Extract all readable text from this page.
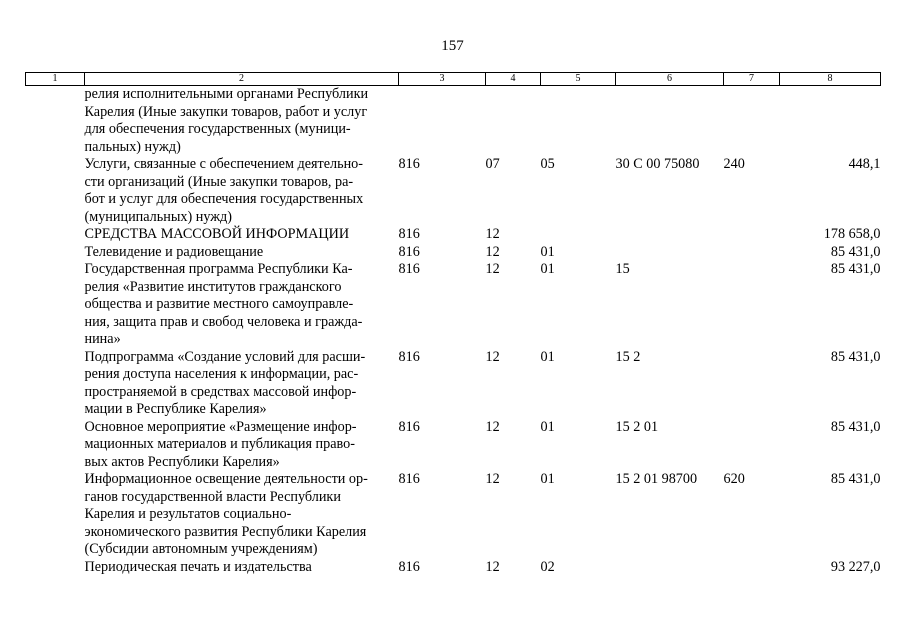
157
1	2	3	4	5	6	7	8

	релия исполнительными органами Республики
Карелия (Иные закупки товаров, работ и услуг
для обеспечения государственных (муници-
пальных) нужд)						

	Услуги, связанные с обеспечением деятельно-
сти организаций (Иные закупки товаров, ра-
бот и услуг для обеспечения государственных
(муниципальных) нужд)	816	07	05	30 С 00 75080	240	448,1

	СРЕДСТВА МАССОВОЙ ИНФОРМАЦИИ	816	12				178 658,0

	Телевидение и радиовещание	816	12	01			85 431,0

	Государственная программа Республики Ка-
релия «Развитие институтов гражданского
общества и развитие местного самоуправле-
ния, защита прав и свобод человека и гражда-
нина»	816	12	01	15		85 431,0

	Подпрограмма «Создание условий для расши-
рения доступа населения к информации, рас-
пространяемой в средствах массовой инфор-
мации в Республике Карелия»	816	12	01	15 2		85 431,0

	Основное мероприятие «Размещение инфор-
мационных материалов и публикация право-
вых актов Республики Карелия»	816	12	01	15 2 01		85 431,0

	Информационное освещение деятельности ор-
ганов государственной власти Республики
Карелия и результатов социально-
экономического развития Республики Карелия
(Субсидии автономным учреждениям)	816	12	01	15 2 01 98700	620	85 431,0

	Периодическая печать и издательства	816	12	02			93 227,0
